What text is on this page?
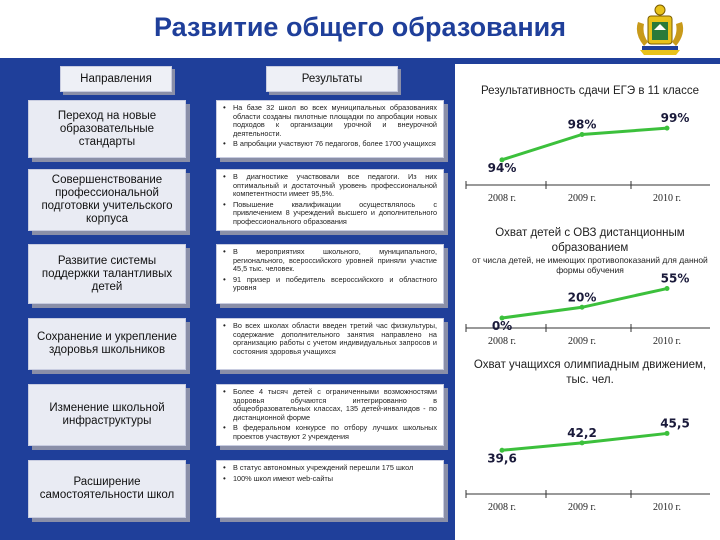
Развитие общего образования
Направления	Результаты
Переход на новые образовательные стандарты
• На базе 32 школ во всех муниципальных образованиях области созданы пилотные площадки по апробации новых подходов к организации урочной и внеурочной деятельности.
• В апробации участвуют 76 педагогов, более 1700 учащихся
Совершенствование профессиональной подготовки учительского корпуса
• В диагностике участвовали все педагоги. Из них оптимальный и достаточный уровень профессиональной компетентности имеет 95,5%.
• Повышение квалификации осуществлялось с привлечением 8 учреждений высшего и дополнительного профессионального образования
Развитие системы поддержки талантливых детей
• В мероприятиях школьного, муниципального, регионального, всероссийского уровней приняли участие 45,5 тыс. человек.
• 91 призер и победитель всероссийского и областного уровня
Сохранение и укрепление здоровья школьников
• Во всех школах области введен третий час физкультуры, содержание дополнительного занятия направлено на организацию работы с учетом индивидуальных запросов и состояния здоровья учащихся
Изменение школьной инфраструктуры
• Более 4 тысяч детей с ограниченными возможностями здоровья обучаются интегрированно в общеобразовательных классах, 135 детей-инвалидов - по дистанционной форме
• В федеральном конкурсе по отбору лучших школьных проектов участвуют 2 учреждения
Расширение самостоятельности школ
• В статус автономных учреждений перешли 175 школ
• 100% школ имеют web-сайты
Результативность сдачи ЕГЭ в 11 классе
Охват детей с ОВЗ дистанционным образованием
от числа детей, не имеющих противопоказаний для данной формы обучения
Охват учащихся олимпиадным движением, тыс. чел.
94%
2008 г.
98%
2009 г.
99%
2010 г.
0%
2008 г.
20%
2009 г.
55%
2010 г.
39,6
2008 г.
42,2
2009 г.
45,5
2010 г.
